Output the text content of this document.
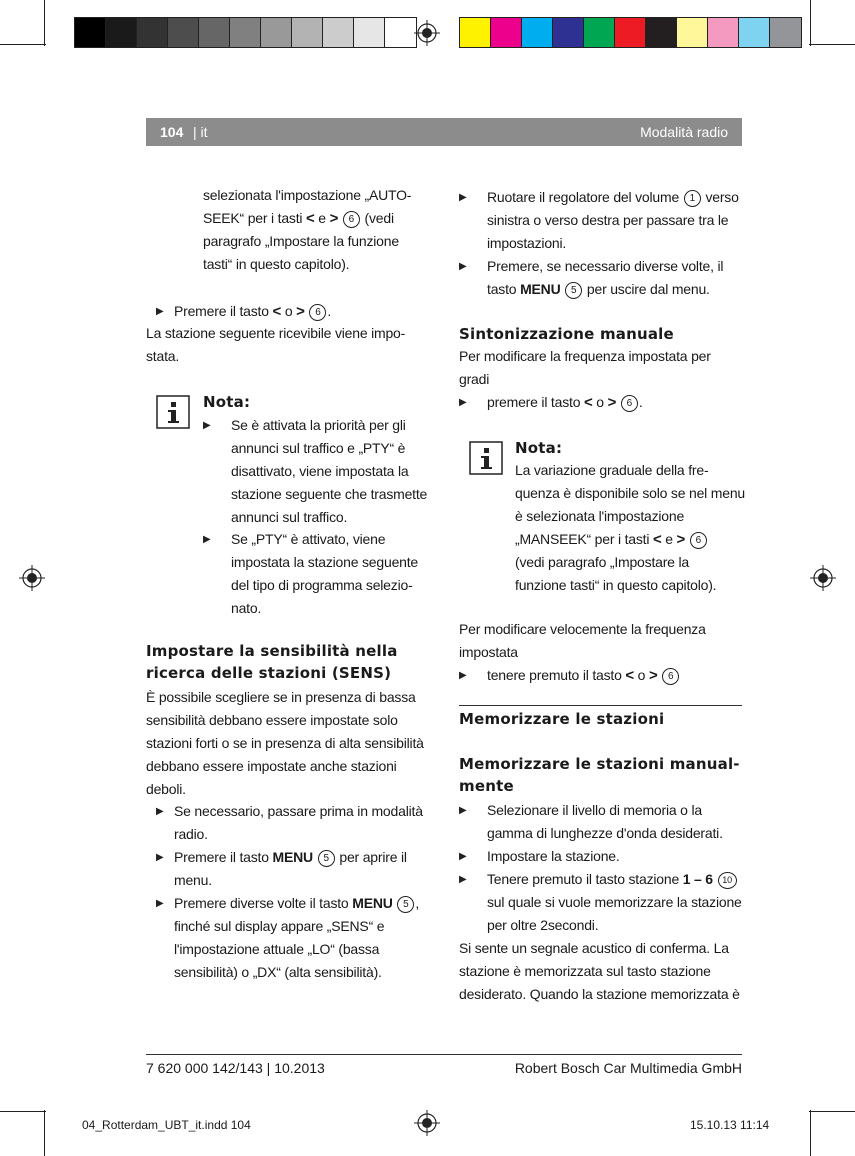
104 | it	Modalità radio
selezionata l'impostazione „AUTO-
SEEK“ per i tasti < e > 6 (vedi
paragrafo „Impostare la funzione
tasti“ in questo capitolo).
▶ Premere il tasto < o > 6 .
La stazione seguente ricevibile viene impo-
stata.
Nota:
▶ Se è attivata la priorità per gli
annunci sul traffico e „PTY“ è
disattivato, viene impostata la
stazione seguente che trasmette
annunci sul traffico.
▶ Se „PTY“ è attivato, viene
impostata la stazione seguente
del tipo di programma selezio-
nato.
Impostare la sensibilità nella
ricerca delle stazioni (SENS)
È possibile scegliere se in presenza di bassa
sensibilità debbano essere impostate solo
stazioni forti o se in presenza di alta sensibilità
debbano essere impostate anche stazioni
deboli.
▶ Se necessario, passare prima in modalità
radio.
▶ Premere il tasto MENU 5 per aprire il
menu.
▶ Premere diverse volte il tasto MENU 5 ,
finché sul display appare „SENS“ e
l'impostazione attuale „LO“ (bassa
sensibilità) o „DX“ (alta sensibilità).
▶ Ruotare il regolatore del volume 1 verso
sinistra o verso destra per passare tra le
impostazioni.
▶ Premere, se necessario diverse volte, il
tasto MENU 5 per uscire dal menu.
Sintonizzazione manuale
Per modificare la frequenza impostata per
gradi
▶ premere il tasto < o > 6 .
Nota:
La variazione graduale della fre-
quenza è disponibile solo se nel menu
è selezionata l'impostazione
„MANSEEK“ per i tasti < e > 6
(vedi paragrafo „Impostare la
funzione tasti“ in questo capitolo).
Per modificare velocemente la frequenza
impostata
▶ tenere premuto il tasto < o > 6
Memorizzare le stazioni
Memorizzare le stazioni manual-
mente
▶ Selezionare il livello di memoria o la
gamma di lunghezze d'onda desiderati.
▶ Impostare la stazione.
▶ Tenere premuto il tasto stazione 1 – 6 10
sul quale si vuole memorizzare la stazione
per oltre 2secondi.
Si sente un segnale acustico di conferma. La
stazione è memorizzata sul tasto stazione
desiderato. Quando la stazione memorizzata è
7 620 000 142/143 | 10.2013	Robert Bosch Car Multimedia GmbH
04_Rotterdam_UBT_it.indd 104	15.10.13 11:14
